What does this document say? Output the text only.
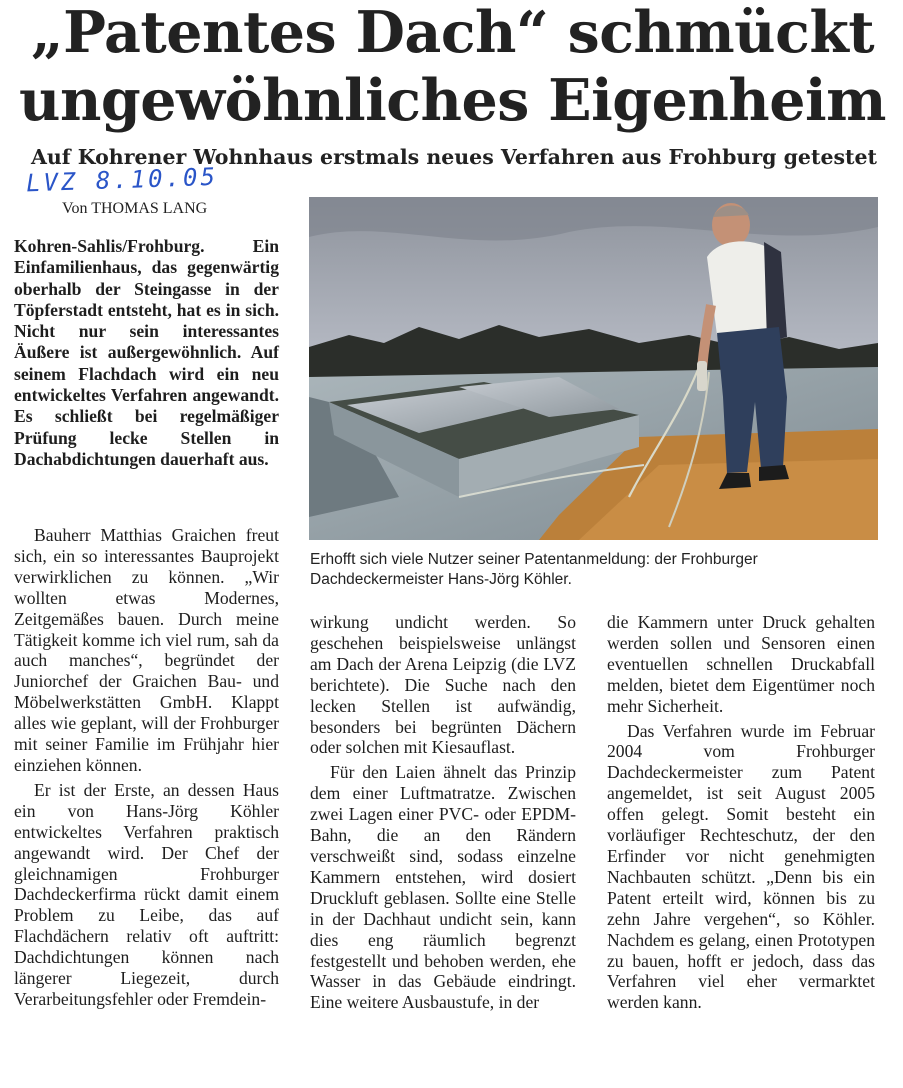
„Patentes Dach“ schmückt
ungewöhnliches Eigenheim
Auf Kohrener Wohnhaus erstmals neues Verfahren aus Frohburg getestet
LVZ 8.10.05
Von THOMAS LANG

Kohren-Sahlis/Frohburg. Ein Einfamilienhaus, das gegenwärtig oberhalb der Steingasse in der Töpferstadt entsteht, hat es in sich. Nicht nur sein interessantes Äußere ist außergewöhnlich. Auf seinem Flachdach wird ein neu entwickeltes Verfahren angewandt. Es schließt bei regelmäßiger Prüfung lecke Stellen in Dachabdichtungen dauerhaft aus.

Bauherr Matthias Graichen freut sich, ein so interessantes Bauprojekt verwirklichen zu können. „Wir wollten etwas Modernes, Zeitgemäßes bauen. Durch meine Tätigkeit komme ich viel rum, sah da auch manches“, begründet der Juniorchef der Graichen Bau- und Möbelwerkstätten GmbH. Klappt alles wie geplant, will der Frohburger mit seiner Familie im Frühjahr hier einziehen können.

Er ist der Erste, an dessen Haus ein von Hans-Jörg Köhler entwickeltes Verfahren praktisch angewandt wird. Der Chef der gleichnamigen Frohburger Dachdeckerfirma rückt damit einem Problem zu Leibe, das auf Flachdächern relativ oft auftritt: Dachdichtungen können nach längerer Liegezeit, durch Verarbeitungsfehler oder Fremdein-

Erhofft sich viele Nutzer seiner Patentanmeldung: der Frohburger Dachdeckermeister Hans-Jörg Köhler.

wirkung undicht werden. So geschehen beispielsweise unlängst am Dach der Arena Leipzig (die LVZ berichtete). Die Suche nach den lecken Stellen ist aufwändig, besonders bei begrünten Dächern oder solchen mit Kiesauflast.

Für den Laien ähnelt das Prinzip dem einer Luftmatratze. Zwischen zwei Lagen einer PVC- oder EPDM-Bahn, die an den Rändern verschweißt sind, sodass einzelne Kammern entstehen, wird dosiert Druckluft geblasen. Sollte eine Stelle in der Dachhaut undicht sein, kann dies eng räumlich begrenzt festgestellt und behoben werden, ehe Wasser in das Gebäude eindringt. Eine weitere Ausbaustufe, in der

die Kammern unter Druck gehalten werden sollen und Sensoren einen eventuellen schnellen Druckabfall melden, bietet dem Eigentümer noch mehr Sicherheit.

Das Verfahren wurde im Februar 2004 vom Frohburger Dachdeckermeister zum Patent angemeldet, ist seit August 2005 offen gelegt. Somit besteht ein vorläufiger Rechteschutz, der den Erfinder vor nicht genehmigten Nachbauten schützt. „Denn bis ein Patent erteilt wird, können bis zu zehn Jahre vergehen“, so Köhler. Nachdem es gelang, einen Prototypen zu bauen, hofft er jedoch, dass das Verfahren viel eher vermarktet werden kann.
